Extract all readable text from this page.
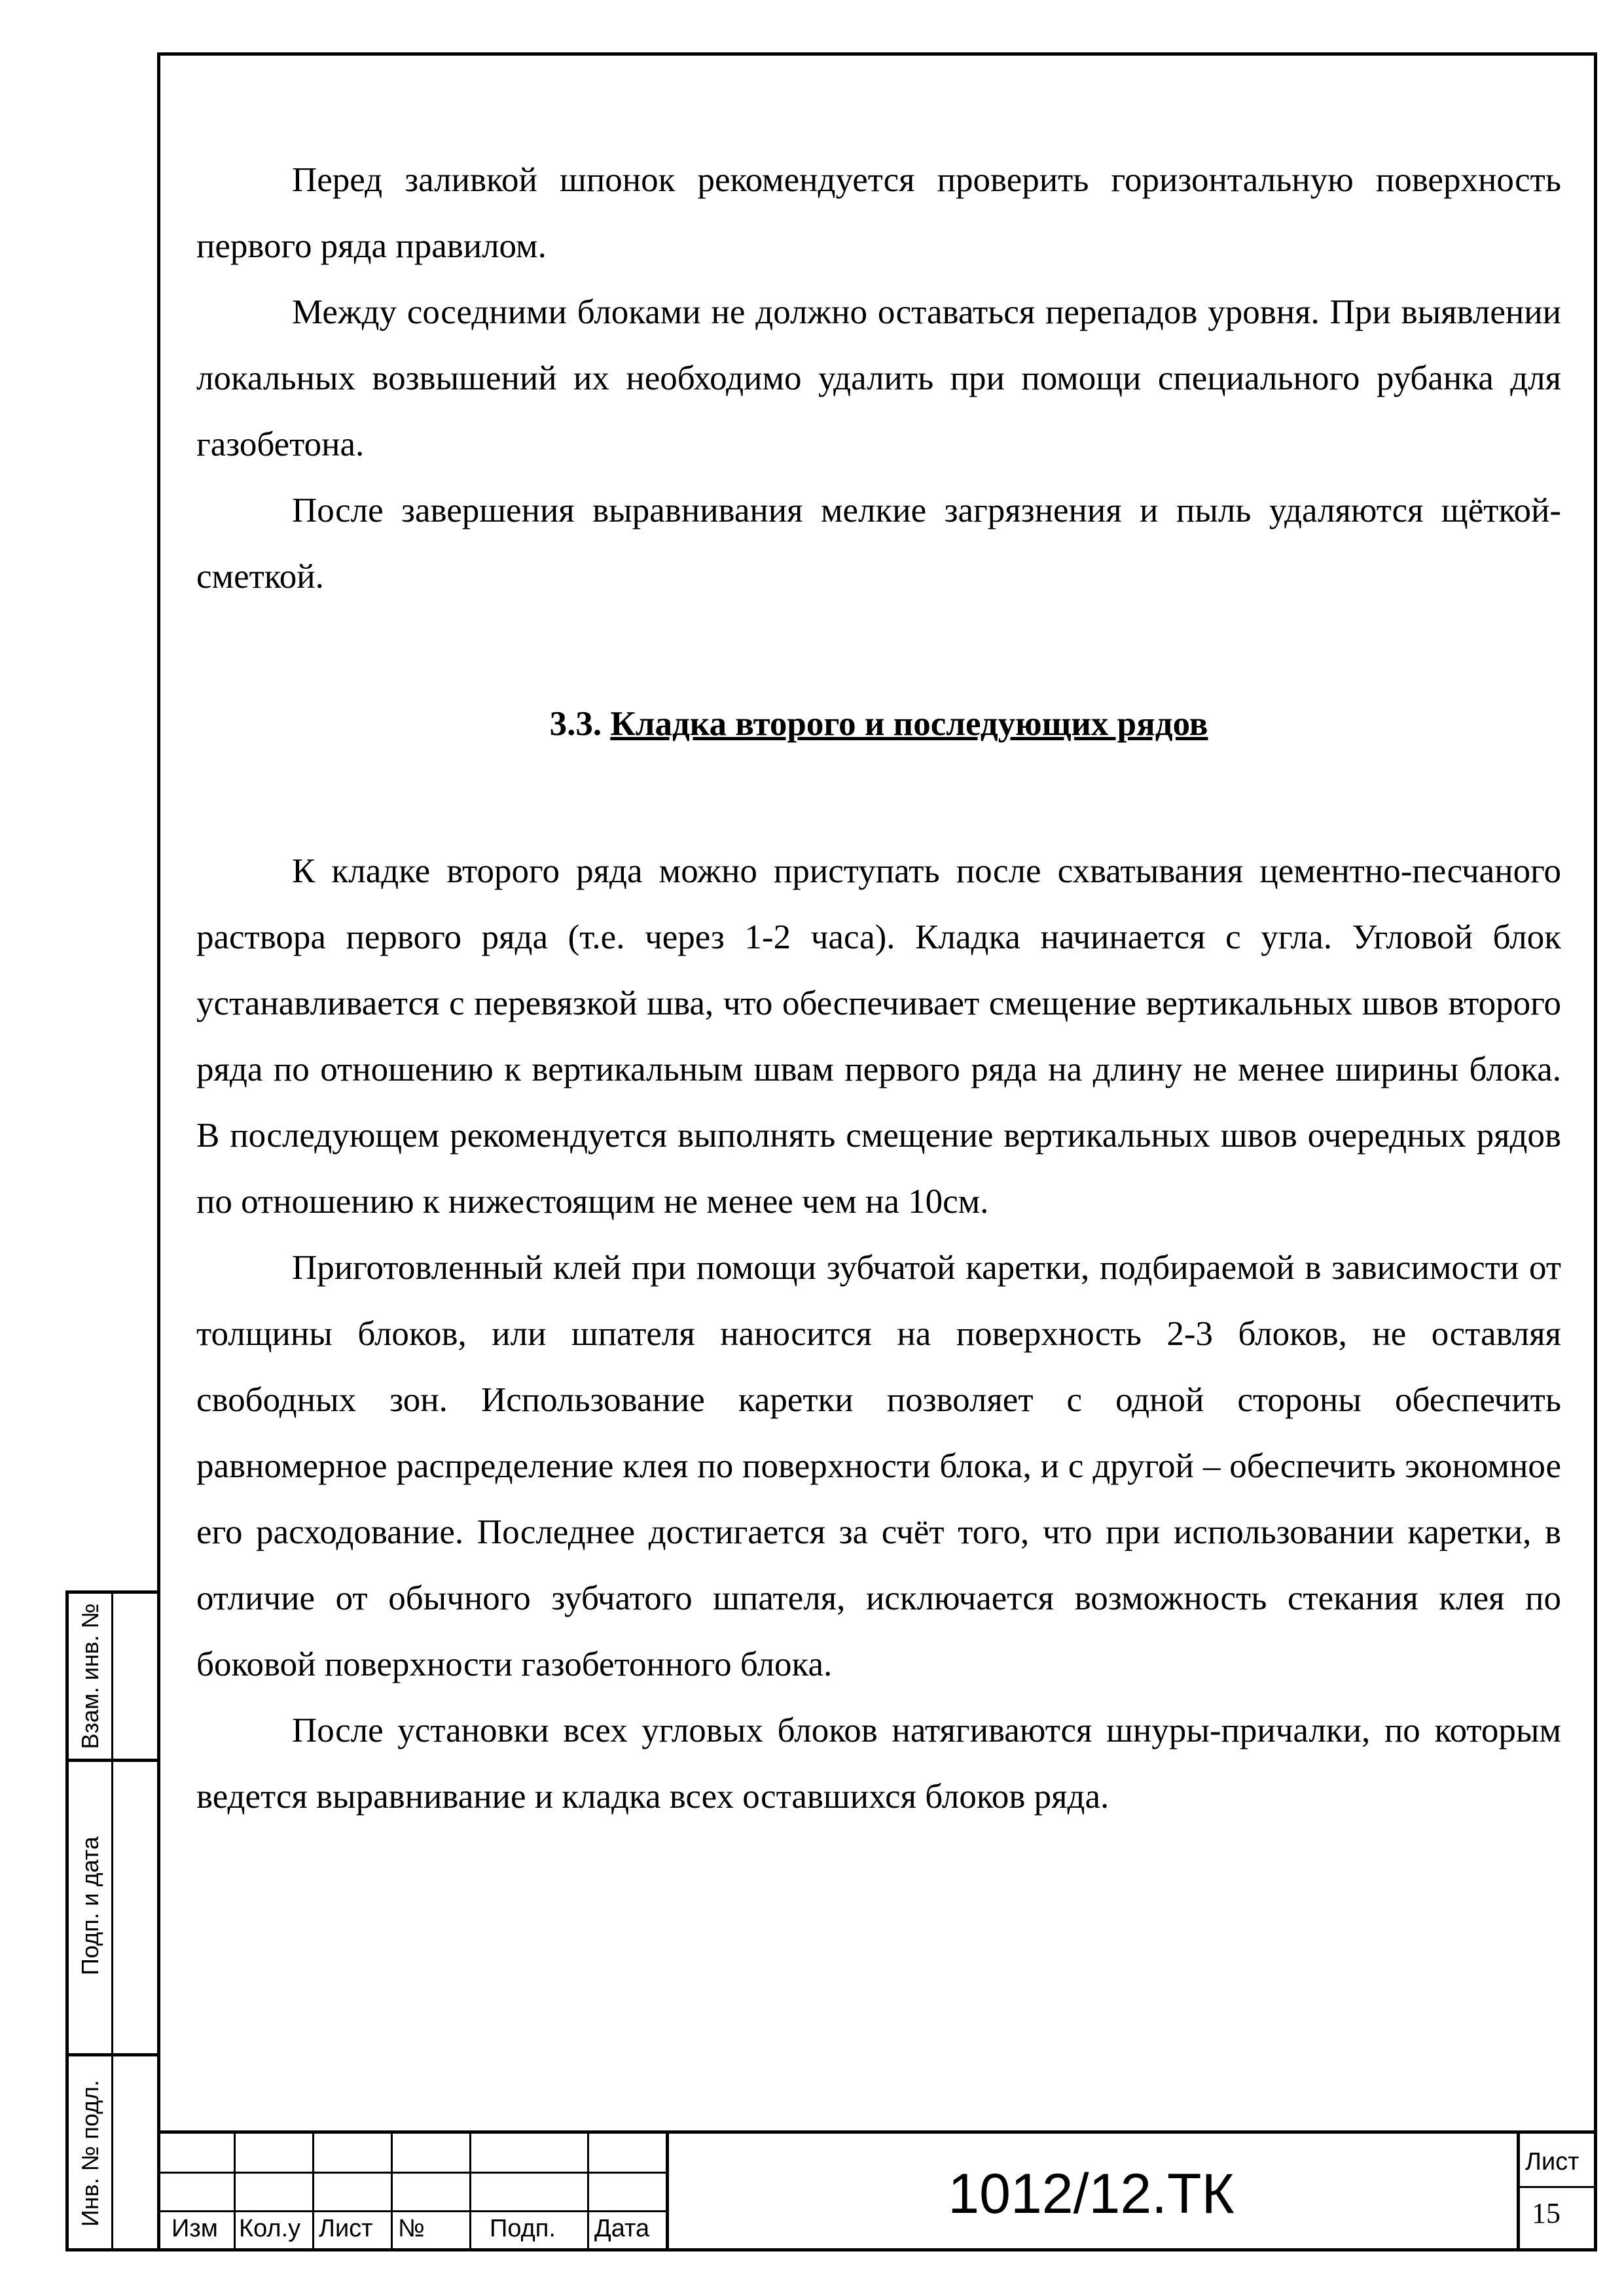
Перед заливкой шпонок рекомендуется проверить горизонтальную поверхность первого ряда правилом.

Между соседними блоками не должно оставаться перепадов уровня. При выявлении локальных возвышений их необходимо удалить при помощи специального рубанка для газобетона.

После завершения выравнивания мелкие загрязнения и пыль удаляются щёткой-сметкой.

3.3. Кладка второго и последующих рядов

К кладке второго ряда можно приступать после схватывания цементно-песчаного раствора первого ряда (т.е. через 1-2 часа). Кладка начинается с угла. Угловой блок устанавливается с перевязкой шва, что обеспечивает смещение вертикальных швов второго ряда по отношению к вертикальным швам первого ряда на длину не менее ширины блока. В последующем рекомендуется выполнять смещение вертикальных швов очередных рядов по отношению к нижестоящим не менее чем на 10см.

Приготовленный клей при помощи зубчатой каретки, подбираемой в зависимости от толщины блоков, или шпателя наносится на поверхность 2-3 блоков, не оставляя свободных зон. Использование каретки позволяет с одной стороны обеспечить равномерное распределение клея по поверхности блока, и с другой – обеспечить экономное его расходование. Последнее достигается за счёт того, что при использовании каретки, в отличие от обычного зубчатого шпателя, исключается возможность стекания клея по боковой поверхности газобетонного блока.

После установки всех угловых блоков натягиваются шнуры-причалки, по которым ведется выравнивание и кладка всех оставшихся блоков ряда.

Изм Кол.у Лист №	Подп. Дата
1012/12.ТК
Лист
15
Взам. инв. №
Подп. и дата
Инв. № подл.
